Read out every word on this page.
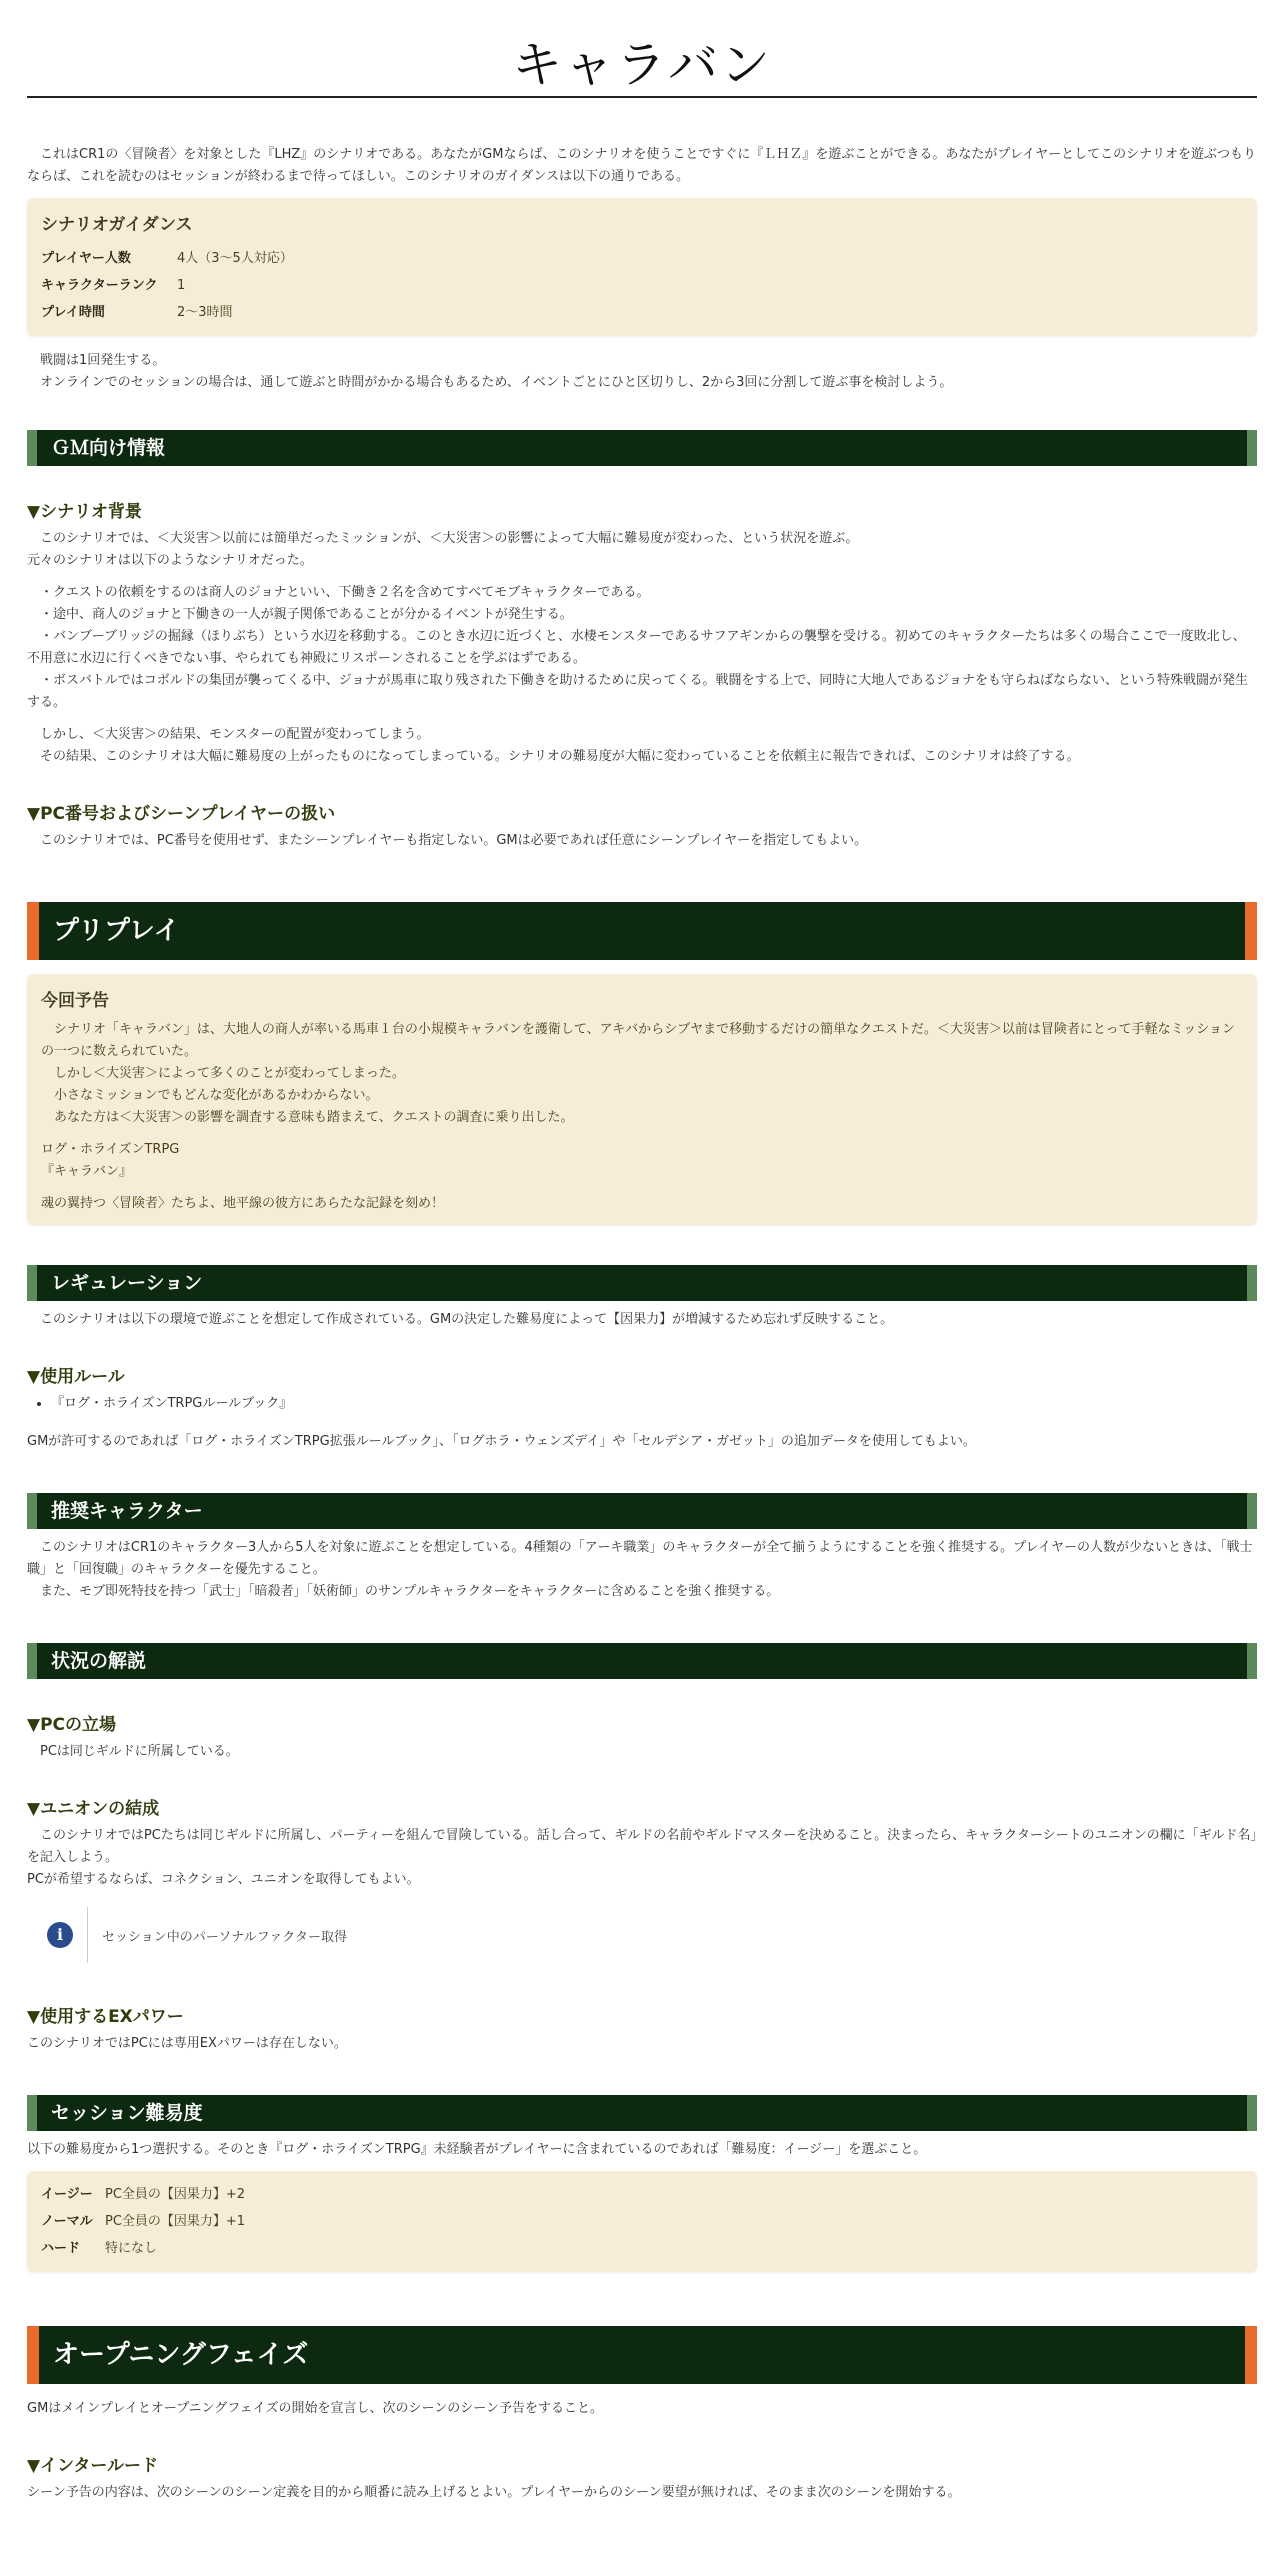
キャラバン

これはCR1の〈冒険者〉を対象とした『LHZ』のシナリオである。あなたがGMならば、このシナリオを使うことですぐに『ＬＨＺ』を遊ぶことができる。あなたがプレイヤーとしてこのシナリオを遊ぶつもりならば、これを読むのはセッションが終わるまで待ってほしい。このシナリオのガイダンスは以下の通りである。

シナリオガイダンス
プレイヤー人数	4人（3～5人対応）
キャラクターランク	1
プレイ時間	2～3時間

戦闘は1回発生する。

オンラインでのセッションの場合は、通して遊ぶと時間がかかる場合もあるため、イベントごとにひと区切りし、2から3回に分割して遊ぶ事を検討しよう。

ＧＭ向け情報
▼シナリオ背景

このシナリオでは、＜大災害＞以前には簡単だったミッションが、＜大災害＞の影響によって大幅に難易度が変わった、という状況を遊ぶ。

元々のシナリオは以下のようなシナリオだった。

・クエストの依頼をするのは商人のジョナといい、下働き２名を含めてすべてモブキャラクターである。

・途中、商人のジョナと下働きの一人が親子関係であることが分かるイベントが発生する。

・バンブーブリッジの掘縁（ほりぶち）という水辺を移動する。このとき水辺に近づくと、水棲モンスターであるサフアギンからの襲撃を受ける。初めてのキャラクターたちは多くの場合ここで一度敗北し、不用意に水辺に行くべきでない事、やられても神殿にリスポーンされることを学ぶはずである。

・ボスバトルではコボルドの集団が襲ってくる中、ジョナが馬車に取り残された下働きを助けるために戻ってくる。戦闘をする上で、同時に大地人であるジョナをも守らねばならない、という特殊戦闘が発生する。

しかし、＜大災害＞の結果、モンスターの配置が変わってしまう。

その結果、このシナリオは大幅に難易度の上がったものになってしまっている。シナリオの難易度が大幅に変わっていることを依頼主に報告できれば、このシナリオは終了する。

▼PC番号およびシーンプレイヤーの扱い

このシナリオでは、PC番号を使用せず、またシーンプレイヤーも指定しない。GMは必要であれば任意にシーンプレイヤーを指定してもよい。

プリプレイ
今回予告

シナリオ「キャラバン」は、大地人の商人が率いる馬車１台の小規模キャラバンを護衛して、アキバからシブヤまで移動するだけの簡単なクエストだ。＜大災害＞以前は冒険者にとって手軽なミッションの一つに数えられていた。

しかし＜大災害＞によって多くのことが変わってしまった。

小さなミッションでもどんな変化があるかわからない。

あなた方は＜大災害＞の影響を調査する意味も踏まえて、クエストの調査に乗り出した。

ログ・ホライズンTRPG

『キャラバン』

魂の翼持つ〈冒険者〉たちよ、地平線の彼方にあらたな記録を刻め！

レギュレーション

このシナリオは以下の環境で遊ぶことを想定して作成されている。GMの決定した難易度によって【因果力】が増減するため忘れず反映すること。

▼使用ルール
• 『ログ・ホライズンTRPGルールブック』

GMが許可するのであれば「ログ・ホライズンTRPG拡張ルールブック」、「ログホラ・ウェンズデイ」や「セルデシア・ガゼット」の追加データを使用してもよい。

推奨キャラクター

このシナリオはCR1のキャラクター3人から5人を対象に遊ぶことを想定している。4種類の「アーキ職業」のキャラクターが全て揃うようにすることを強く推奨する。プレイヤーの人数が少ないときは、「戦士職」と「回復職」のキャラクターを優先すること。

また、モブ即死特技を持つ「武士」「暗殺者」「妖術師」のサンプルキャラクターをキャラクターに含めることを強く推奨する。

状況の解説
▼PCの立場

PCは同じギルドに所属している。

▼ユニオンの結成

このシナリオではPCたちは同じギルドに所属し、パーティーを組んで冒険している。話し合って、ギルドの名前やギルドマスターを決めること。決まったら、キャラクターシートのユニオンの欄に「ギルド名」を記入しよう。

PCが希望するならば、コネクション、ユニオンを取得してもよい。

i	セッション中のパーソナルファクター取得
▼使用するEXパワー

このシナリオではPCには専用EXパワーは存在しない。

セッション難易度

以下の難易度から1つ選択する。そのとき『ログ・ホライズンTRPG』未経験者がプレイヤーに含まれているのであれば「難易度：イージー」を選ぶこと。

イージー PC全員の【因果力】+2
ノーマル PC全員の【因果力】+1
ハード	特になし
オープニングフェイズ

GMはメインプレイとオープニングフェイズの開始を宣言し、次のシーンのシーン予告をすること。

▼インタールード

シーン予告の内容は、次のシーンのシーン定義を目的から順番に読み上げるとよい。プレイヤーからのシーン要望が無ければ、そのまま次のシーンを開始する。
